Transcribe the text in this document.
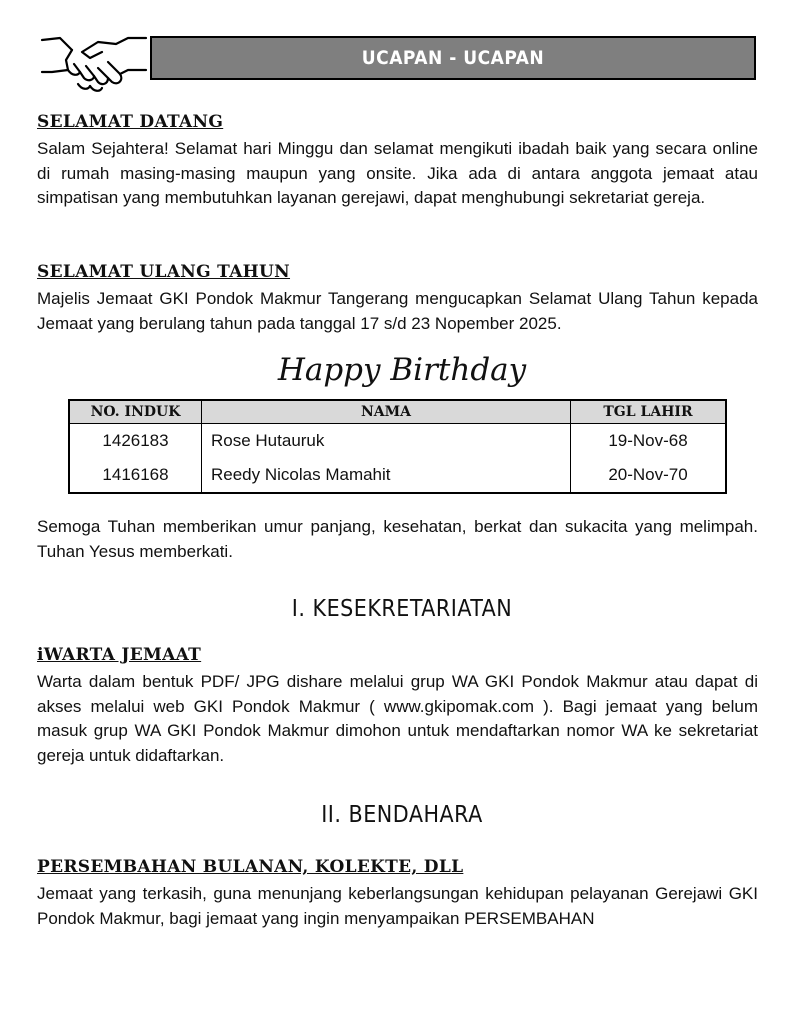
UCAPAN - UCAPAN
SELAMAT DATANG
Salam Sejahtera! Selamat hari Minggu dan selamat mengikuti ibadah baik yang secara online di rumah masing-masing maupun yang onsite. Jika ada di antara anggota jemaat atau simpatisan yang membutuhkan layanan gerejawi, dapat menghubungi sekretariat gereja.
SELAMAT ULANG TAHUN
Majelis Jemaat GKI Pondok Makmur Tangerang mengucapkan Selamat Ulang Tahun kepada Jemaat yang berulang tahun pada tanggal 17 s/d 23 Nopember 2025.
Happy Birthday
NO. INDUK	NAMA	TGL LAHIR
1426183	Rose Hutauruk	19-Nov-68
1416168	Reedy Nicolas Mamahit	20-Nov-70
Semoga Tuhan memberikan umur panjang, kesehatan, berkat dan sukacita yang melimpah. Tuhan Yesus memberkati.
I. KESEKRETARIATAN
iWARTA JEMAAT
Warta dalam bentuk PDF/ JPG dishare melalui grup WA GKI Pondok Makmur atau dapat di akses melalui web GKI Pondok Makmur ( www.gkipomak.com ). Bagi jemaat yang belum masuk grup WA GKI Pondok Makmur dimohon untuk mendaftarkan nomor WA ke sekretariat gereja untuk didaftarkan.
II. BENDAHARA
PERSEMBAHAN BULANAN, KOLEKTE, DLL
Jemaat yang terkasih, guna menunjang keberlangsungan kehidupan pelayanan Gerejawi GKI Pondok Makmur, bagi jemaat yang ingin menyampaikan PERSEMBAHAN
